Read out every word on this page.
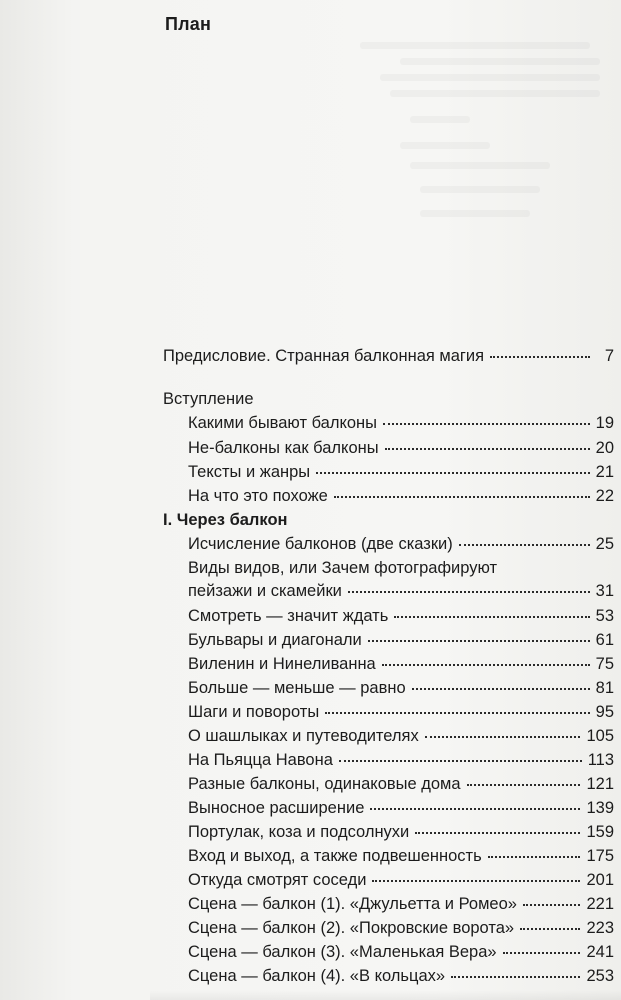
План
Предисловие. Странная балконная магия	7
Вступление
Какими бывают балконы	19
Не-балконы как балконы	20
Тексты и жанры	21
На что это похоже	22
I. Через балкон
Исчисление балконов (две сказки)	25
Виды видов, или Зачем фотографируют
пейзажи и скамейки	31
Смотреть — значит ждать	53
Бульвары и диагонали	61
Виленин и Нинеливанна	75
Больше — меньше — равно	81
Шаги и повороты	95
О шашлыках и путеводителях	105
На Пьяцца Навона	113
Разные балконы, одинаковые дома	121
Выносное расширение	139
Портулак, коза и подсолнухи	159
Вход и выход, а также подвешенность	175
Откуда смотрят соседи	201
Сцена — балкон (1). «Джульетта и Ромео»	221
Сцена — балкон (2). «Покровские ворота»	223
Сцена — балкон (3). «Маленькая Вера»	241
Сцена — балкон (4). «В кольцах»	253
